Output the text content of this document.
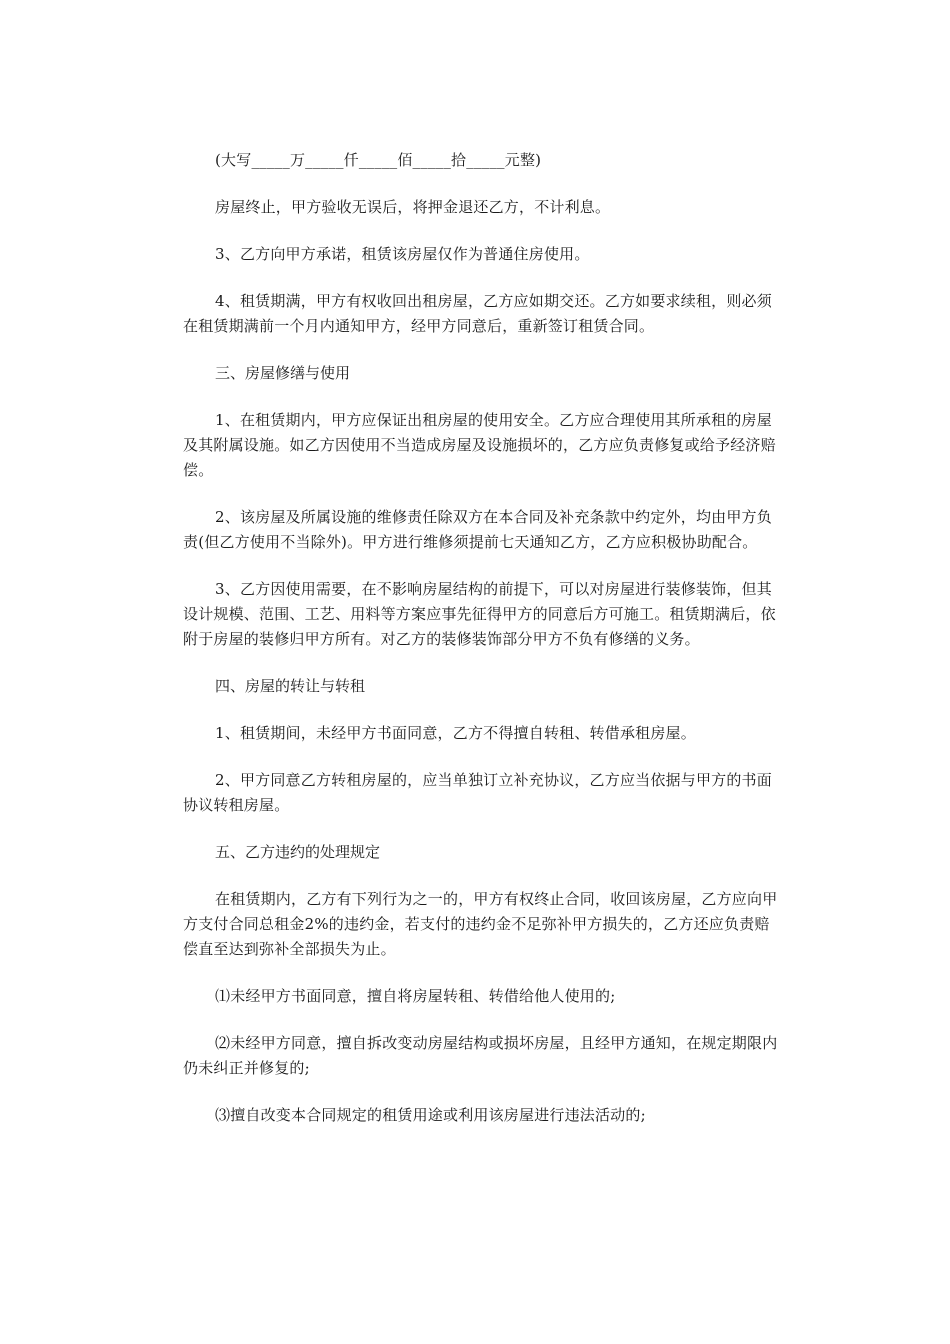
(大写_____万_____仟_____佰_____拾_____元整)

房屋终止，甲方验收无误后，将押金退还乙方，不计利息。

3、乙方向甲方承诺，租赁该房屋仅作为普通住房使用。

4、租赁期满，甲方有权收回出租房屋，乙方应如期交还。乙方如要求续租，则必须在租赁期满前一个月内通知甲方，经甲方同意后，重新签订租赁合同。

三、房屋修缮与使用

1、在租赁期内，甲方应保证出租房屋的使用安全。乙方应合理使用其所承租的房屋及其附属设施。如乙方因使用不当造成房屋及设施损坏的，乙方应负责修复或给予经济赔偿。

2、该房屋及所属设施的维修责任除双方在本合同及补充条款中约定外，均由甲方负责(但乙方使用不当除外)。甲方进行维修须提前七天通知乙方，乙方应积极协助配合。

3、乙方因使用需要，在不影响房屋结构的前提下，可以对房屋进行装修装饰，但其设计规模、范围、工艺、用料等方案应事先征得甲方的同意后方可施工。租赁期满后，依附于房屋的装修归甲方所有。对乙方的装修装饰部分甲方不负有修缮的义务。

四、房屋的转让与转租

1、租赁期间，未经甲方书面同意，乙方不得擅自转租、转借承租房屋。

2、甲方同意乙方转租房屋的，应当单独订立补充协议，乙方应当依据与甲方的书面协议转租房屋。

五、乙方违约的处理规定

在租赁期内，乙方有下列行为之一的，甲方有权终止合同，收回该房屋，乙方应向甲方支付合同总租金2%的违约金，若支付的违约金不足弥补甲方损失的，乙方还应负责赔偿直至达到弥补全部损失为止。

⑴未经甲方书面同意，擅自将房屋转租、转借给他人使用的;

⑵未经甲方同意，擅自拆改变动房屋结构或损坏房屋，且经甲方通知，在规定期限内仍未纠正并修复的;

⑶擅自改变本合同规定的租赁用途或利用该房屋进行违法活动的;
